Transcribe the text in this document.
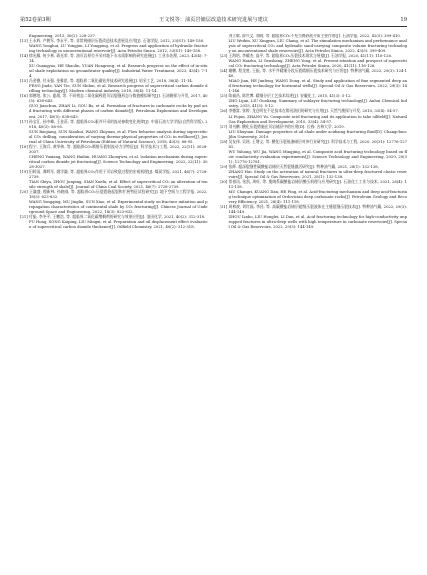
第52卷第3期	王文悦等：油页岩储层改造技术研究进展与建议	19

Engineering, 2015, 36(2): 228-237.

[13]王永辉, 卢拥军, 李永平, 等. 非常规储层压裂改造技术进展及应用[J]. 石油学报, 2012, 33(S1): 149-158.

WANG Yonghui, LU Yongjun, LI Yongping, et al. Progress and application of hydraulic fracturing technology in unconventional reservoir[J]. Acta Petrolei Sinica, 2012, 33(S1): 149-158.

[14]徐光耀, 何少林, 蒋光荣, 等. 油页岩原位开采对地下水水质影响的研究进展[J]. 工业水处理, 2023, 43(4): 7-14.

XU Guangyao, HE Shaolin, YUAN Hongrong, et al. Research progress on the effect of in-situ oil shale exploitation on groundwater quality[J]. Industrial Water Treatment, 2023, 43(4): 7-14.

[15]冯金德, 付永强, 金雅思, 等. 超临界二氧化碳钻井技术研究进展[J]. 钻采工艺, 2018, 38(4): 11-14.

FENG Jinde, YAN Tie, SUN Shihui, et al. Research progress of supercritical carbon dioxide drilling technology[J]. Modern chemical industry, 2018, 38(4): 11-14.

[16]郭德培, 张公, 霍战, 等. 不同相态二氧化碳致裂页岩裂缝形态与数值模拟研究[J]. 石油勘探与开发, 2017, 40(5): 638-643.

GUO Jianchun, ZHAN Li, GOU Bo, et al. Formation of fractures in carbonate rocks by pad acid fracturing with different phases of carbon dioxide[J]. Petroleum Exploration and Development, 2017, 40(5): 638-643.

[17]孙宝江, 孙中峰, 王金莊, 等. 超临界CO₂驱并开采的流动参数变化规律[J]. 中国石油大学学报(自然科学版), 2018, 40(3): 88-95.

SUN Baojiang, SUN Xiaohui, WANG Zhiyuan, et al. Flow behavior analysis during supercritical CO₂ drilling, consideration of varying thermo-physical properties of CO₂ in wellbore[J]. Journal of China University of Petroleum (Edition of Natural Science), 2018, 40(3): 88-95.

[18]程宁, 王海兵, 黄华伟, 等. 超临界CO₂喷射压裂射流动力学特征[J]. 科学技术与工程, 2022, 22(11): 3028-3037.

CHENG Yuxiang, WANG Haibin, HUANG Zhongwei, et al. Isolation mechanism during supercritical carbon dioxide jet fracturing[J]. Science Technology and Engineering, 2022, 22(11): 3028-3037.

[19]田时雨, 谭辉军, 姚学谦, 等. 超临界CO₂作用于页岩致裂过程的宏观机理[J]. 煤炭学报, 2021, 46(7): 2728-2739.

TIAN Shiyu, ZHOU Junping, XIAN Xuefu, et al. Effect of supercritical CO₂ on alteration of tensile strength of shale[J]. Journal of China Coal Society, 2021, 46(7): 2728-2739.

[20]王谦盛, 穆新林, 孙晓刚, 等. 超临界CO₂压裂裂缝起裂和扩展特征试验研究[J]. 地下空间与工程学报, 2022, 18(3): 823-832.

WANG Yongqing, MU Jinglin, SUN Xiao, et al. Experimental study on fracture initiation and propagation characteristics of continental shale by CO₂ fracturing[J]. Chinese Journal of Underground Space and Engineering, 2022, 18(3): 823-832.

[21]付振, 李冬平, 王鹏浩, 等. 超临界二氧化碳增稠剂的研究与效果应用[J]. 油田化学, 2021, 40(2): 312-318.

FU Hong, SONG Kaiping, LIU Mingxi, et al. Preparation and oil displacement effect evaluation of supercritical carbon dioxide thickener[J]. Oilfield Chemistry, 2021, 40(2): 312-318.

刘立敏, 薛兴文, 刘晓, 等. 超临界CO₂不充当携砂液介质主要作用[J]. 石油学报, 2022, 42(5): 399-410.

LIU Weibin, XU Xingyan, LIU Chang, et al. The stimulation mechanism and performance analysis of supercritical CO₂ and hydraulic sand-carrying composite volume fracturing technology on unconventional shale reservoirs[J]. Acta Petrolei Sinica, 2022, 43(5): 399-409.

[23]王海培, 李耀杰, 高平, 等. 超临界CO₂压裂技术现状与展望[J]. 石油学报, 2020, 41(11): 116-126.

WANG Haizhu, LI Gensheng, ZHENG Yong, et al. Present situation and prospect of supercritical CO₂ fracturing technology[J]. Acta Petrolei Sinica, 2020, 41(11): 116-126.

[24]谢鹏, 程龙胜, 王振, 等. 水平井精细分段压裂精细压裂技术研究与应用[J]. 特种油气藏, 2022, 29(3): 124-140.

MIAO Jian, HE Junfeng, WANG Dong, et al. Study and application of fine segmented deep and fracturing technology for horizontal wells[J]. Special Oil & Gas Reservoirs, 2022, 29(3): 141-146.

[25]陈福昌, 陈世博. 精细分层工艺技术综述[J]. 安徽化工, 2015, 41(3): 5-12.

ZHO Lijun, LIU Guoliang. Summary of sublayer fracturing technology[J]. Anhui Chemical Industry, 2015, 41(3): 5-12.

[26]李德富, 张婷, 龙仓明在不足技术在塔河油田的研究与应用[J]. 天然气勘探与开发, 2010, 33(4): 54-57.

LI Fujun, ZHANG Yu. Composite acid fracturing and its application to tahe oilfield[J]. Natural Gas Exploration and Development, 2010, 33(4): 54-57.

[27]刘书鹏. 酸化压裂措施在页岩储层中的应用[D]. 长春: 吉林大学, 2019.

LIU Shuyuan. Damage properties of oil shale under acidizing fracturing fluid[D]. Changchun: Jilin University, 2019.

[28]吴友伟, 吴瑶, 王增义, 等. 酸化压裂低渗储层对冲行业研究[J]. 科学技术与工程, 2020, 20(31): 12776-12781.

WU Yuhong, WU Jia, WANG Mingjing, et al. Composite acid fracturing technology based on flow conductivity evaluation experiments[J]. Science Technology and Engineering, 2020, 20(31): 12776-12781.

[29]张辉. 超深裂缝性碳酸盐岩储层天然裂缝激活研究[J]. 特种油气藏, 2021, 28(1): 132-138.

ZHANG Hui. Study on the activation of natural fractures in ultra-deep fractured clastic reservoirs[J]. Special Oil & Gas Reservoirs, 2021, 28(1): 132-138.

[30]常春讯, 张凯, 周旺, 等. 奥陶系碳酸盐岩储层酸压机理与应用研究[J]. 石油化工工业与技术, 2021, 28(4): 111-118.

MU Changri, KUANG Dan, HE Ping, et al. Acid-fracturing mechanism and deep acid-fracturing technique optimization of Ordovician deep carbonate rocks[J]. Petroleum Geology and Recovery Efficiency, 2021, 28(4): 111-118.

[31]周林波, 刘红磊, 李昌, 等. 高碳酸盐岩储层超级压裂液体在主缝裂缝压裂技术[J]. 特种油气藏, 2022, 29(3): 144-149.

ZHOU Linbo, LIU Honglei, LI Dan, et al. Acid fracturing technology for high-conductivity unpropped fractures in ultra-deep wells with high temperature in carbonate reservoirs[J]. Special Oil & Gas Reservoirs, 2022, 29(3): 144-149.
